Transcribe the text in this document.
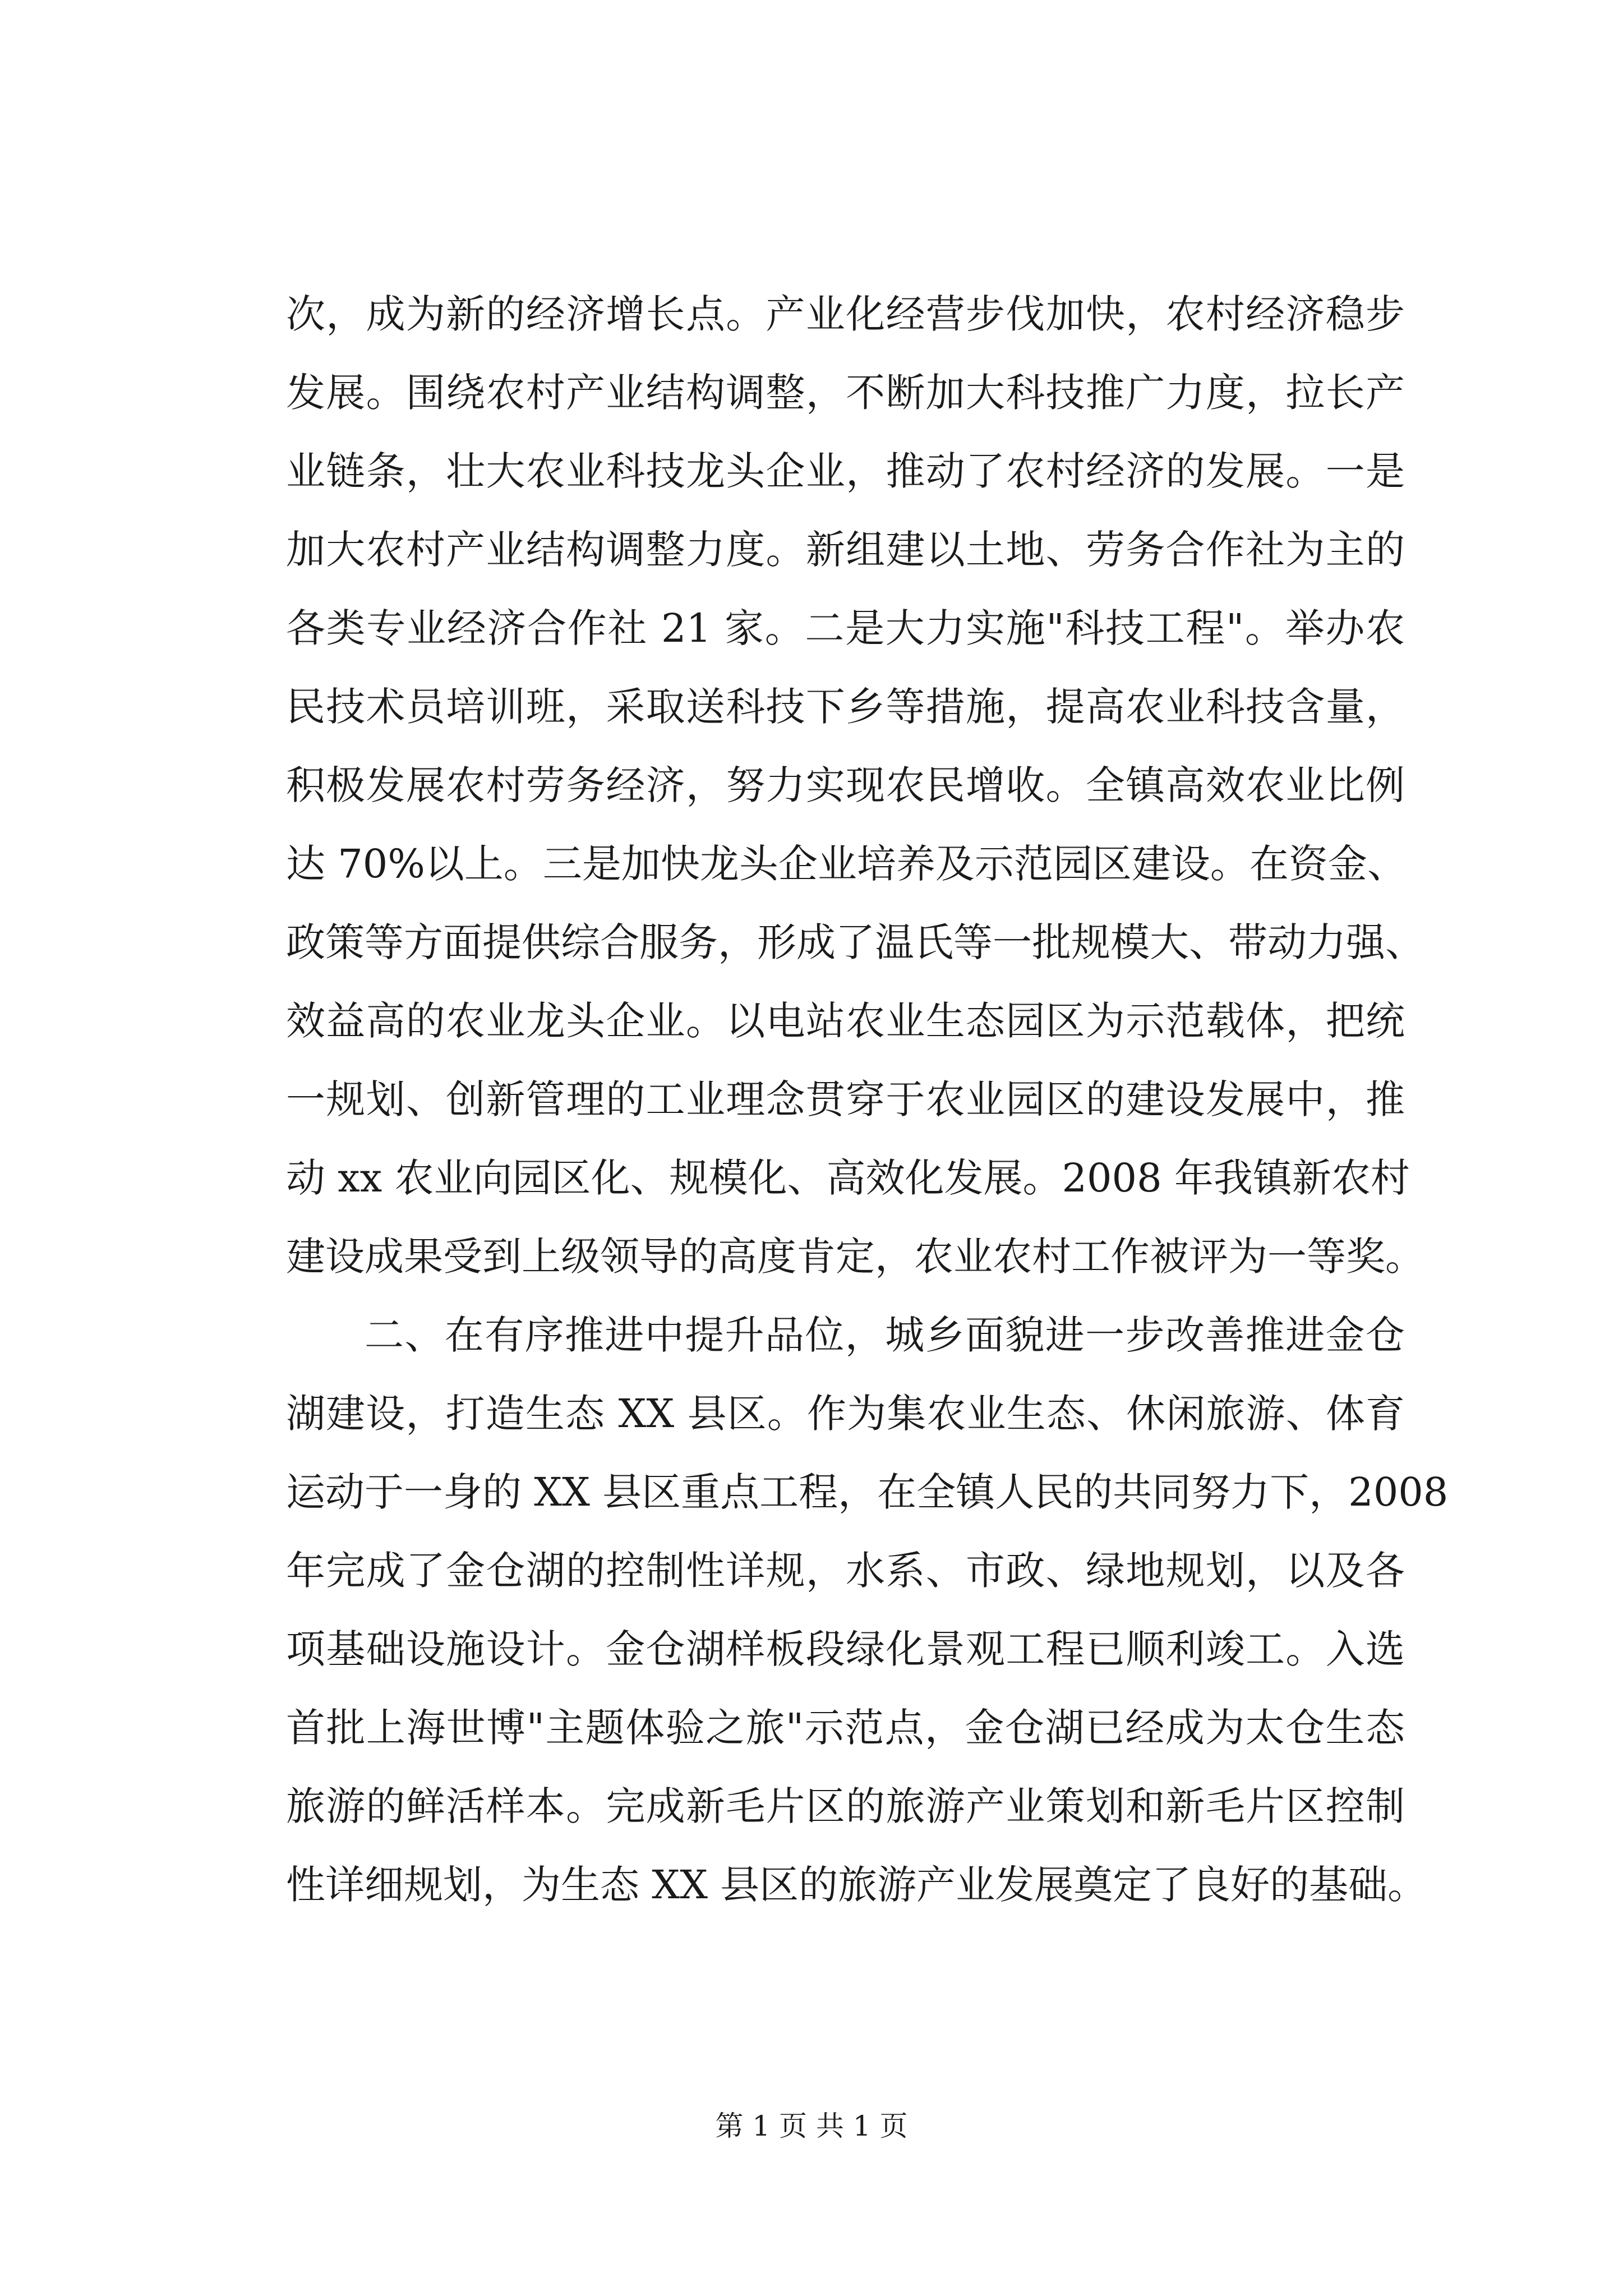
次，成为新的经济增长点。产业化经营步伐加快，农村经济稳步
发展。围绕农村产业结构调整，不断加大科技推广力度，拉长产
业链条，壮大农业科技龙头企业，推动了农村经济的发展。一是
加大农村产业结构调整力度。新组建以土地、劳务合作社为主的
各类专业经济合作社 21 家。二是大力实施"科技工程"。举办农
民技术员培训班，采取送科技下乡等措施，提高农业科技含量，
积极发展农村劳务经济，努力实现农民增收。全镇高效农业比例
达 70%以上。三是加快龙头企业培养及示范园区建设。在资金、
政策等方面提供综合服务，形成了温氏等一批规模大、带动力强、
效益高的农业龙头企业。以电站农业生态园区为示范载体，把统
一规划、创新管理的工业理念贯穿于农业园区的建设发展中，推
动 xx 农业向园区化、规模化、高效化发展。2008 年我镇新农村
建设成果受到上级领导的高度肯定，农业农村工作被评为一等奖。
二、在有序推进中提升品位，城乡面貌进一步改善推进金仓
湖建设，打造生态 XX 县区。作为集农业生态、休闲旅游、体育
运动于一身的 XX 县区重点工程，在全镇人民的共同努力下，2008
年完成了金仓湖的控制性详规，水系、市政、绿地规划，以及各
项基础设施设计。金仓湖样板段绿化景观工程已顺利竣工。入选
首批上海世博"主题体验之旅"示范点，金仓湖已经成为太仓生态
旅游的鲜活样本。完成新毛片区的旅游产业策划和新毛片区控制
性详细规划，为生态 XX 县区的旅游产业发展奠定了良好的基础。
第 1 页 共 1 页
